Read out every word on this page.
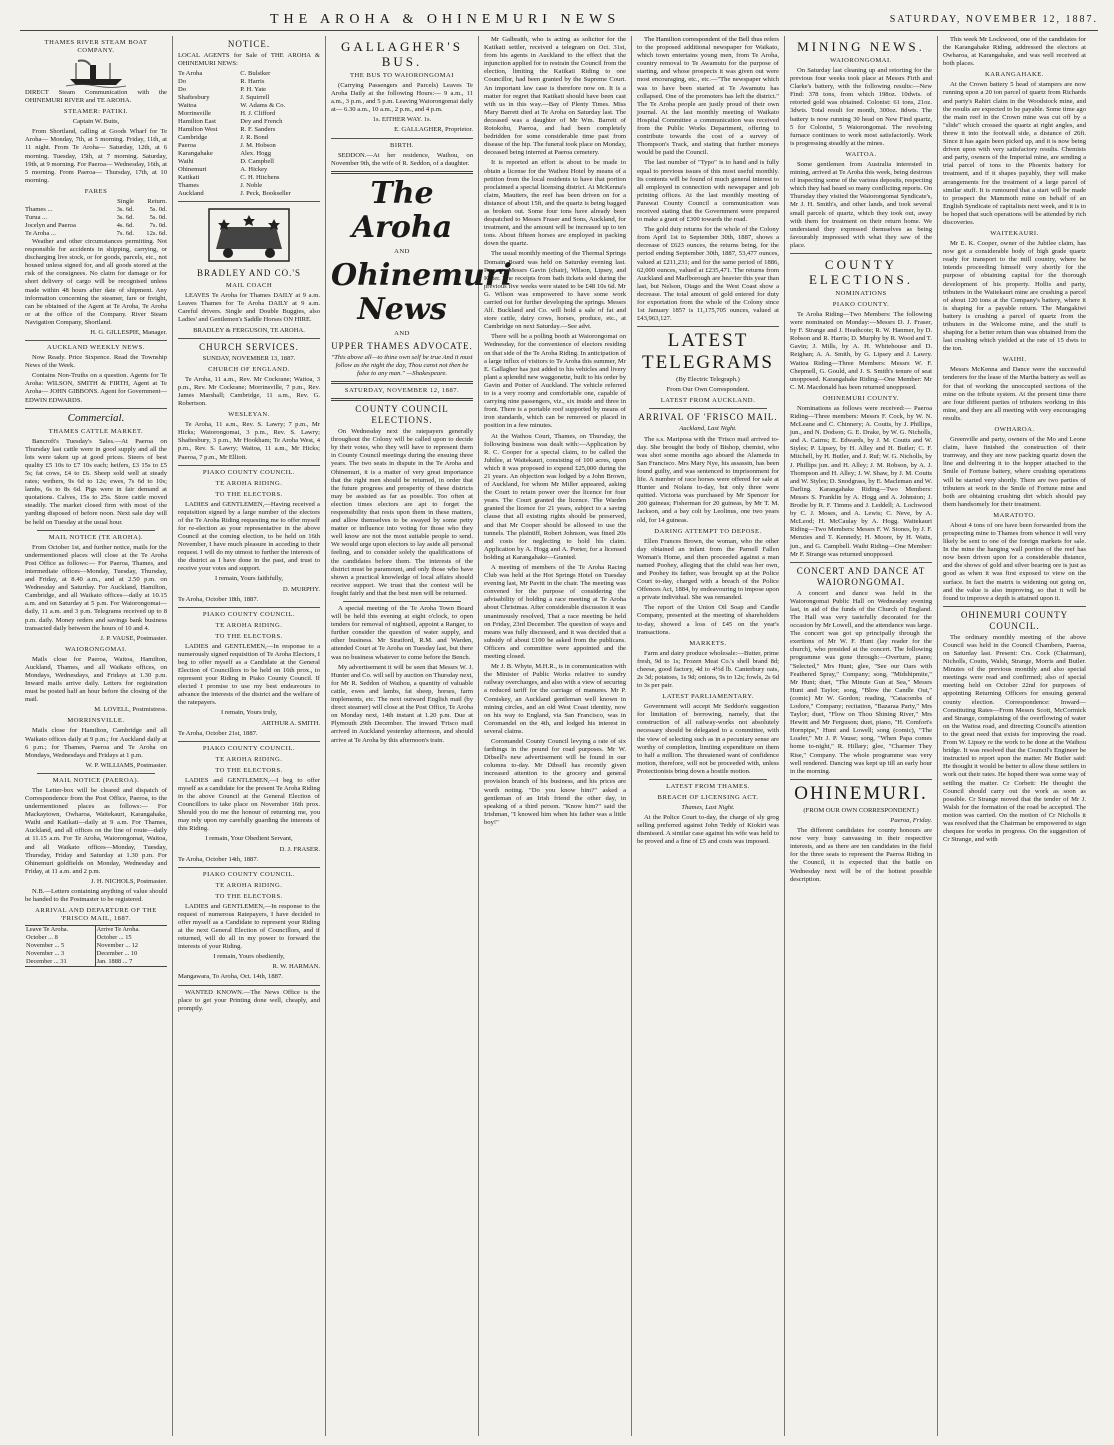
THE AROHA & OHINEMURI NEWS	SATURDAY, NOVEMBER 12, 1887.
THAMES RIVER STEAM BOAT COMPANY.

DIRECT Steam Communication with the OHINEMURI RIVER and TE AROHA.

STEAMER: PATIKI.

Captain W. Butts,

From Shortland, calling at Goods Wharf for Te Aroha— Monday, 7th, at 5 morning. Friday, 11th, at 11 night. From Te Aroha— Saturday, 12th, at 6 morning. Tuesday, 15th, at 7 morning. Saturday, 19th, at 9 morning. For Paeroa— Wednesday, 16th, at 5 morning. From Paeroa— Thursday, 17th, at 10 morning.

FARES
	Single	Return.
Thames ...	3s. 6d.	5s. 0d.
Turua ...	3s. 6d.	5s. 0d.
Jocelyn and Paeroa	4s. 6d.	7s. 0d.
Te Aroha ...	7s. 6d.	12s. 6d.

Weather and other circumstances permitting. Not responsible for accidents in shipping, carrying, or discharging live stock, or for goods, parcels, etc., not housed unless signed for, and all goods stored at the risk of the consignees. No claim for damage or for short delivery of cargo will be recognised unless made within 48 hours after date of shipment. Any information concerning the steamer, fare or freight, can be obtained of the Agent at Te Aroha, Te Aroha or at the office of the Company. River Steam Navigation Company, Shortland.

H. G. GILLESPIE, Manager.

AUCKLAND WEEKLY NEWS.

Now Ready. Price Sixpence. Read the Township News of the Week.

Contains Non-Truths on a question. Agents for Te Aroha: WILSON, SMITH & FIRTH, Agent at Te Aroha— JOHN GIBBONS. Agent for Government— EDWIN EDWARDS.

Commercial.
THAMES CATTLE MARKET.

Bancroft's Tuesday's Sales.—At Paeroa on Thursday last cattle were in good supply and all the lots were taken up at good prices. Steers of best quality £5 10s to £7 10s each; heifers, £3 15s to £5 5s; fat cows, £4 to £6. Sheep sold well at steady rates; wethers, 9s 6d to 12s; ewes, 7s 6d to 10s; lambs, 6s to 8s 6d. Pigs were in fair demand at quotations. Calves, 15s to 25s. Store cattle moved steadily. The market closed firm with most of the yarding disposed of before noon. Next sale day will be held on Tuesday at the usual hour.

MAIL NOTICE (TE AROHA).

From October 1st, and further notice, mails for the undermentioned places will close at the Te Aroha Post Office as follows:— For Paeroa, Thames, and intermediate offices—Monday, Tuesday, Thursday, and Friday, at 8.40 a.m., and at 2.50 p.m. on Wednesday and Saturday. For Auckland, Hamilton, Cambridge, and all Waikato offices—daily at 10.15 a.m. and on Saturday at 5 p.m. For Waiorongomai—daily, 11 a.m. and 3 p.m. Telegrams received up to 8 p.m. daily. Money orders and savings bank business transacted daily between the hours of 10 and 4.

J. P. VAUSE, Postmaster.

WAIORONGOMAI.

Mails close for Paeroa, Waitoa, Hamilton, Auckland, Thames, and all Waikato offices, on Mondays, Wednesdays, and Fridays at 1.30 p.m. Inward mails arrive daily. Letters for registration must be posted half an hour before the closing of the mail.

M. LOVELL, Postmistress.

MORRINSVILLE.

Mails close for Hamilton, Cambridge and all Waikato offices daily at 9 p.m.; for Auckland daily at 6 p.m.; for Thames, Paeroa and Te Aroha on Mondays, Wednesdays and Fridays at 1 p.m.

W. P. WILLIAMS, Postmaster.

MAIL NOTICE (PAEROA).

The Letter-box will be cleared and dispatch of Correspondence from the Post Office, Paeroa, to the undermentioned places as follows:— For Mackaytown, Owharoa, Waitekauri, Karangahake, Waihi and Katikati—daily at 9 a.m. For Thames, Auckland, and all offices on the line of route—daily at 11.15 a.m. For Te Aroha, Waiorongomai, Waitoa, and all Waikato offices—Monday, Tuesday, Thursday, Friday and Saturday at 1.30 p.m. For Ohinemuri goldfields on Monday, Wednesday and Friday, at 11 a.m. and 2 p.m.

J. H. NICHOLS, Postmaster.

N.B.—Letters containing anything of value should be handed to the Postmaster to be registered.

ARRIVAL AND DEPARTURE OF THE 'FRISCO MAIL, 1887.
Leave Te Aroha.	Arrive Te Aroha.
October ... 8	October ... 15
November ... 5	November ... 12
November ... 3	December ... 10
December ... 31	Jan. 1888 ... 7
NOTICE.

LOCAL AGENTS for Sale of THE AROHA & OHINEMURI NEWS:

Te Aroha	C. Bulsiker
Do	R. Harris
Do	P. H. Yate
Shaftesbury	J. Squirrell
Waitoa	W. Adams & Co.
Morrinsville	H. J. Clifford
Hamilton East	Dey and French
Hamilton West	R. F. Sanders
Cambridge	J. R. Bond
Paeroa	J. M. Hobson
Karangahake	Alex. Hogg
Waihi	D. Campbell
Ohinemuri	A. Hickey
Katikati	C. H. Hitchens
Thames	J. Noble
Auckland	J. Peck, Bookseller
BRADLEY AND CO.'S
MAIL COACH

LEAVES Te Aroha for Thames DAILY at 9 a.m. Leaves Thames for Te Aroha DAILY at 9 a.m. Careful drivers. Single and Double Buggies, also Ladies' and Gentlemen's Saddle Horses ON HIRE.

BRADLEY & FERGUSON, TE AROHA.

CHURCH SERVICES.

SUNDAY, NOVEMBER 13, 1887.

CHURCH OF ENGLAND.

Te Aroha, 11 a.m., Rev. Mr Cockrane; Waitoa, 3 p.m., Rev. Mr Cockrane; Morrinsville, 7 p.m., Rev. James Marshall; Cambridge, 11 a.m., Rev. G. Robertson.

WESLEYAN.

Te Aroha, 11 a.m., Rev. S. Lawry; 7 p.m., Mr Hicks; Waiorongomai, 3 p.m., Rev. S. Lawry; Shaftesbury, 3 p.m., Mr Hookham; Te Aroha West, 4 p.m., Rev. S. Lawry; Waitoa, 11 a.m., Mr Hicks; Paeroa, 7 p.m., Mr Elliott.

PIAKO COUNTY COUNCIL.
TE AROHA RIDING.
TO THE ELECTORS.

LADIES and GENTLEMEN,—Having received a requisition signed by a large number of the electors of the Te Aroha Riding requesting me to offer myself for re-election as your representative in the above Council at the coming election, to be held on 16th November, I have much pleasure in acceding to their request. I will do my utmost to further the interests of the district as I have done in the past, and trust to receive your votes and support.

I remain, Yours faithfully,

D. MURPHY.

Te Aroha, October 18th, 1887.

PIAKO COUNTY COUNCIL.
TE AROHA RIDING.
TO THE ELECTORS.

LADIES and GENTLEMEN,—In response to a numerously signed requisition of Te Aroha Electors, I beg to offer myself as a Candidate at the General Election of Councillors to be held on 16th prox., to represent your Riding in Piako County Council. If elected I promise to use my best endeavours to advance the interests of the district and the welfare of the ratepayers.

I remain, Yours truly,

ARTHUR A. SMITH.

Te Aroha, October 21st, 1887.

PIAKO COUNTY COUNCIL.
TE AROHA RIDING.
TO THE ELECTORS.

LADIES and GENTLEMEN,—I beg to offer myself as a candidate for the present Te Aroha Riding in the above Council at the General Election of Councillors to take place on November 16th prox. Should you do me the honour of returning me, you may rely upon my carefully guarding the interests of this Riding.

I remain, Your Obedient Servant,

D. J. FRASER.

Te Aroha, October 14th, 1887.

PIAKO COUNTY COUNCIL.
TE AROHA RIDING.
TO THE ELECTORS.

LADIES and GENTLEMEN,—In response to the request of numerous Ratepayers, I have decided to offer myself as a Candidate to represent your Riding at the next General Election of Councillors, and if returned, will do all in my power to forward the interests of your Riding.

I remain, Yours obediently,

R. W. HARMAN.

Mangawara, To Aroha, Oct. 14th, 1887.

WANTED KNOWN.—The News Office is the place to get your Printing done well, cheaply, and promptly.

GALLAGHER'S BUS.
THE BUS TO WAIORONGOMAI

(Carrying Passengers and Parcels) Leaves Te Aroha Daily at the following Hours:— 9 a.m., 11 a.m., 3 p.m., and 5 p.m. Leaving Waiorongomai daily at— 6.30 a.m., 10 a.m., 2 p.m., and 4 p.m.

1s. EITHER WAY. 1s.

E. GALLAGHER, Proprietor.

BIRTH.

SEDDON.—At her residence, Waihou, on November 9th, the wife of R. Seddon, of a daughter.

The Aroha
AND
Ohinemuri News
AND
UPPER THAMES ADVOCATE.

"This above all—to thine own self be true And it must follow as the night the day, Thou canst not then be false to any man." —Shakespeare.

SATURDAY, NOVEMBER 12, 1887.
COUNTY COUNCIL ELECTIONS.

On Wednesday next the ratepayers generally throughout the Colony will be called upon to decide by their votes, who they will have to represent them in County Council meetings during the ensuing three years. The two seats in dispute in the Te Aroha and Ohinemuri, it is a matter of very great importance that the right men should be returned, in order that the future progress and prosperity of these districts may be assisted as far as possible. Too often at election times electors are apt to forget the responsibility that rests upon them in these matters, and allow themselves to be swayed by some petty matter or influence into voting for those who they well know are not the most suitable people to send. We would urge upon electors to lay aside all personal feeling, and to consider solely the qualifications of the candidates before them. The interests of the district must be paramount, and only those who have shown a practical knowledge of local affairs should receive support. We trust that the contest will be fought fairly and that the best men will be returned.

A special meeting of the Te Aroha Town Board will be held this evening at eight o'clock, to open tenders for removal of nightsoil, appoint a Ranger, to further consider the question of water supply, and other business. Mr Stratford, R.M. and Warden, attended Court at Te Aroha on Tuesday last, but there was no business whatever to come before the Bench.

My advertisement it will be seen that Messrs W. J. Hunter and Co. will sell by auction on Thursday next, for Mr R. Seddon of Waihou, a quantity of valuable cattle, ewes and lambs, fat sheep, horses, farm implements, etc. The next outward English mail (by direct steamer) will close at the Post Office, Te Aroha on Monday next, 14th instant at 1.20 p.m. Due at Plymouth 29th December. The inward 'Frisco mail arrived in Auckland yesterday afternoon, and should arrive at Te Aroha by this afternoon's train.

Mr Galbraith, who is acting as solicitor for the Katikati settler, received a telegram on Oct. 31st, from his agents in Auckland to the effect that the injunction applied for to restrain the Council from the election, limiting the Katikati Riding to one Councillor, had been granted by the Supreme Court. An important law case is therefore now on. It is a matter for regret that Katikati should have been cast with us in this way.—Bay of Plenty Times. Miss Mary Barrett died at Te Aroha on Saturday last. The deceased was a daughter of Mr Wm. Barrett of Rotokohu, Paeroa, and had been completely bedridden for some considerable time past from disease of the hip. The funeral took place on Monday, deceased being interred at Paeroa cemetery.

It is reported an effort is about to be made to obtain a license for the Waihou Hotel by means of a petition from the local residents to have that portion proclaimed a special licensing district. At McKenna's claim, Mauiters, the reef has been driven on for a distance of about 15ft, and the quartz is being bagged as broken out. Some four tons have already been despatched to Messrs Fraser and Sons, Auckland, for treatment, and the amount will be increased up to ten tons. About fifteen horses are employed in packing down the quartz.

The usual monthly meeting of the Thermal Springs Domain Board was held on Saturday evening last. Present: Messrs Gavin (chair), Wilson, Lipsey, and Kilter. The receipts from bath tickets sold during the previous five weeks were stated to be £48 10s 6d. Mr G. Wilson was empowered to have some work carried out for further developing the springs. Messrs Alf. Buckland and Co. will hold a sale of fat and store cattle, dairy cows, horses, produce, etc., at Cambridge on next Saturday.—See advt.

There will be a polling booth at Waiorongomai on Wednesday, for the convenience of electors residing on that side of the Te Aroha Riding. In anticipation of a large influx of visitors to Te Aroha this summer, Mr E. Gallagher has just added to his vehicles and livery plant a splendid new waggonette, built to his order by Gavin and Potter of Auckland. The vehicle referred to is a very roomy and comfortable one, capable of carrying nine passengers, viz., six inside and three in front. There is a portable roof supported by means of iron standards, which can be removed or placed in position in a few minutes.

At the Waihou Court, Thames, on Thursday, the following business was dealt with:—Application by R. C. Cooper for a special claim, to be called the Jubilee, at Waitekauri, consisting of 100 acres, upon which it was proposed to expend £25,000 during the 21 years. An objection was lodged by a John Brown, of Auckland, for whom Mr Miller appeared, asking the Court to retain power over the licence for four years. The Court granted the licence. The Warden granted the licence for 21 years, subject to a saving clause that all existing rights should be preserved, and that Mr Cooper should be allowed to use the tunnels. The plaintiff, Robert Johnson, was fined 20s and costs for neglecting to hold his claim. Application by A. Hogg and A. Porter, for a licensed holding at Karangahake—Granted.

A meeting of members of the Te Aroha Racing Club was held at the Hot Springs Hotel on Tuesday evening last, Mr Pavitt in the chair. The meeting was convened for the purpose of considering the advisability of holding a race meeting at Te Aroha about Christmas. After considerable discussion it was unanimously resolved, That a race meeting be held on Friday, 23rd December. The question of ways and means was fully discussed, and it was decided that a subsidy of about £100 be asked from the publicans. Officers and committee were appointed and the meeting closed.

Mr J. B. Whyte, M.H.R., is in communication with the Minister of Public Works relative to sundry railway overcharges, and also with a view of securing a reduced tariff for the carriage of manures. Mr P. Comiskey, an Auckland gentleman well known in mining circles, and an old West Coast identity, now on his way to England, via San Francisco, was in Coromandel on the 4th, and lodged his interest in several claims.

Coromandel County Council levying a rate of six farthings in the pound for road purposes. Mr W. Dibsell's new advertisement will be found in our columns to-day. Mr Dibsell has recently given increased attention to the grocery and general provision branch of his business, and his prices are worth noting. "Do you know him?" asked a gentleman of an Irish friend the other day, in speaking of a third person. "Know him?" said the Irishman, "I knowed him when his father was a little boy!"

The Hamilton correspondent of the Bell thus refers to the proposed additional newspaper for Waikato, which town entertains young men, from Te Aroha, country removal to Te Awamutu for the purpose of starting, and whose prospects it was given out were most encouraging, etc., etc.—"The newspaper which was to have been started at Te Awamutu has collapsed. One of the promoters has left the district." The Te Aroha people are justly proud of their own journal. At the last monthly meeting of Waikato Hospital Committee a communication was received from the Public Works Department, offering to contribute towards the cost of a survey of Thompson's Track, and stating that further moneys would be paid the Council.

The last number of "Typo" is to hand and is fully equal to previous issues of this most useful monthly. Its contents will be found of much general interest to all employed in connection with newspaper and job printing offices. At the last monthly meeting of Parawai County Council a communication was received stating that the Government were prepared to make a grant of £300 towards the road.

The gold duty returns for the whole of the Colony from April 1st to September 30th, 1887, shows a decrease of £623 ounces, the returns being, for the period ending September 30th, 1887, 53,477 ounces, valued at £211,231; and for the same period of 1886, 62,000 ounces, valued at £235,471. The returns from Auckland and Marlborough are heavier this year than last, but Nelson, Otago and the West Coast show a decrease. The total amount of gold entered for duty for exportation from the whole of the Colony since 1st January 1857 is 11,175,705 ounces, valued at £43,963,127.

LATEST TELEGRAMS

(By Electric Telegraph.)

From Our Own Correspondent.

LATEST FROM AUCKLAND.
ARRIVAL OF 'FRISCO MAIL.

Auckland, Last Night.

The s.s. Mariposa with the 'Frisco mail arrived to-day. She brought the body of Bishop, chemist, who was shot some months ago aboard the Alameda in San Francisco. Mrs Mary Nye, his assassin, has been found guilty, and was sentenced to imprisonment for life. A number of race horses were offered for sale at Hunter and Nolans to-day, but only three were quitted. Victoria was purchased by Mr Spencer for 200 guineas; Fisherman for 20 guineas, by Mr T. M. Jackson, and a bay colt by Leolinus, one two years old, for 14 guineas.

DARING ATTEMPT TO DEPOSE.

Ellen Frances Brown, the woman, who the other day obtained an infant from the Parnell Fallen Woman's Home, and then proceeded against a man named Poohey, alleging that the child was her own, and Poohey its father, was brought up at the Police Court to-day, charged with a breach of the Police Offences Act, 1884, by endeavouring to impose upon a private individual. She was remanded.

The report of the Union Oil Soap and Candle Company, presented at the meeting of shareholders to-day, showed a loss of £45 on the year's transactions.

MARKETS.

Farm and dairy produce wholesale:—Butter, prime fresh, 9d to 1s; Frozen Meat Co.'s shell brand 8d; cheese, good factory, 4d to 4½d lb. Canterbury oats, 2s 3d; potatoes, 1s 9d; onions, 9s to 12s; fowls, 2s 6d to 3s per pair.

LATEST PARLIAMENTARY.

Government will accept Mr Seddon's suggestion for limitation of borrowing, namely, that the construction of all railway-works not absolutely necessary should be delegated to a committee, with the view of selecting such as in a pecuniary sense are worthy of completion, limiting expenditure on them to half a million. The threatened want of confidence motion, therefore, will not be proceeded with, unless Protectionists bring down a hostile motion.

LATEST FROM THAMES.
BREACH OF LICENSING ACT.

Thames, Last Night.

At the Police Court to-day, the charge of sly grog selling preferred against John Teddy of Kiokiri was dismissed. A similar case against his wife was held to be proved and a fine of £5 and costs was imposed.

MINING NEWS.
WAIORONGOMAI.

On Saturday last cleaning up and retorting for the previous four weeks took place at Messrs Firth and Clarke's battery, with the following results:—New Find: 378 tons, from which 198oz. 10dwts. of retorted gold was obtained. Colonist: 61 tons, 21oz. 3dwts. Total result for month, 300oz. 8dwts. The battery is now running 30 head on New Find quartz, 5 for Colonist, 5 Waiorongomai. The revolving furnace continues to work most satisfactorily. Work is progressing steadily at the mines.

WAITOA.

Some gentlemen from Australia interested in mining, arrived at Te Aroha this week, being desirous of inspecting some of the various deposits, respecting which they had heard so many conflicting reports. On Thursday they visited the Waiorongomai Syndicate's, Mr J. H. Smith's, and other lands, and took several small parcels of quartz, which they took out, away with them for treatment on their return home. We understand they expressed themselves as being favourably impressed with what they saw of the place.

COUNTY ELECTIONS.
NOMINATIONS
PIAKO COUNTY.

Te Aroha Riding—Two Members: The following were nominated on Monday:—Messrs D. J. Fraser, by F. Strange and J. Heathcote; R. W. Hanmer, by D. Robson and R. Harris; D. Murphy by R. Wood and T. Gavin; J. Mills, by A. H. Whitehouse and D. Reighan; A. A. Smith, by G. Lipsey and J. Lawry. Waitoa Riding—Three Members: Messrs W. F. Chepmell, G. Gould, and J. S. Smith's tenure of seat unopposed. Karangahake Riding—One Member: Mr C. M. Macdonald has been returned unopposed.

OHINEMURI COUNTY.

Nominations as follows were received:— Paeroa Riding—Three members: Messrs F. Cock, by W. N. McLeane and C. Chinnery; A. Coutts, by J. Phillips, jun., and N. Dodson; G. E. Drake, by W. G. Nicholls, and A. Cairns; E. Edwards, by J. M. Coutts and W. Styles; P. Lipsey, by H. Alley and H. Butler; C. F. Mitchell, by H. Butler, and J. Ruf; W. G. Nicholls, by J. Phillips jun. and H. Alley; J. M. Robson, by A. J. Thompson and H. Alley; J. W. Shaw, by J. M. Coutts and W. Styles; D. Snodgrass, by E. Macleman and W. Darling. Karangahake Riding—Two Members: Messrs S. Franklin by A. Hogg and A. Johnston; J. Brodie by R. F. Timms and J. Leddell; A. Lochwood by C. J. Moses, and A. Lewis; C. Neve, by A. McLeod; H. McCaulay by A. Hogg. Waitekauri Riding—Two Members: Messrs F. W. Stones, by J. F. Menzies and T. Kennedy; H. Moore, by H. Watts, jun., and G. Campbell. Waihi Riding—One Member: Mr F. Strange was returned unopposed.

CONCERT AND DANCE AT WAIORONGOMAI.

A concert and dance was held in the Waiorongomai Public Hall on Wednesday evening last, in aid of the funds of the Church of England. The Hall was very tastefully decorated for the occasion by Mr Lowell, and the attendance was large. The concert was got up principally through the exertions of Mr W. F. Hunt (lay reader for the church), who presided at the concert. The following programme was gone through:—Overture, piano; "Selected," Mrs Hunt; glee, "See our Oars with Feathered Spray," Company; song, "Midshipmite," Mr Hunt; duet, "The Minute Gun at Sea," Messrs Hunt and Taylor; song, "Blow the Candle Out," (comic) Mr W. Gordon; reading, "Catacombs of Lodore," Company; recitation, "Bazaraa Party," Mrs Taylor; duet, "Flow on Thou Shining River," Mrs Hewitt and Mr Ferguson; duet, piano, "H. Comfort's Hornpipe," Hunt and Lowell; song (comic), "The Loafer," Mr J. P. Vause; song, "When Papa comes home to-night," R. Hillary; glee, "Charmer They Rise," Company. The whole programme was very well rendered. Dancing was kept up till an early hour in the morning.

OHINEMURI.

(FROM OUR OWN CORRESPONDENT.)

Paeroa, Friday.

The different candidates for county honours are now very busy canvassing in their respective interests, and as there are ten candidates in the field for the three seats to represent the Paeroa Riding in the Council, it is expected that the battle on Wednesday next will be of the hottest possible description.

This week Mr Lockwood, one of the candidates for the Karangahake Riding, addressed the electors at Owharoa, at Karangahake, and was well received at both places.

KARANGAHAKE.

At the Crown battery 5 head of stampers are now running upon a 20 ton parcel of quartz from Richards and party's Rahiri claim in the Woodstock mine, and the results are expected to be payable. Some time ago the main reef in the Crown mine was cut off by a "slide" which crossed the quartz at right angles, and threw it into the footwall side, a distance of 26ft. Since it has again been picked up, and it is now being driven upon with very satisfactory results. Chemists and party, owners of the Imperial mine, are sending a trial parcel of tons to the Phoenix battery for treatment, and if it shapes payably, they will make arrangements for the treatment of a large parcel of similar stuff. It is rumoured that a start will be made to prospect the Mammoth mine on behalf of an English Syndicate of capitalists next week, and it is to be hoped that such operations will be attended by rich discoveries.

WAITEKAURI.

Mr E. K. Cooper, owner of the Jubilee claim, has now got a considerable body of high grade quartz ready for transport to the mill country, where he intends proceeding himself very shortly for the purpose of obtaining capital for the thorough development of his property. Hollis and party, tributers in the Waitekauri mine are crushing a parcel of about 120 tons at the Company's battery, where it is shaping for a payable return. The Mangakiwi battery is crushing a parcel of quartz from the tributers in the Welcome mine, and the stuff is shaping for a better return than was obtained from the last crushing which yielded at the rate of 15 dwts to the ton.

WAIHI.

Messrs McKenna and Dance were the successful tenderers for the lease of the Martha battery as well as for that of working the unoccupied sections of the mine on the tribute system. At the present time there are four different parties of tributers working in this mine, and they are all meeting with very encouraging results.

OWHAROA.

Greenville and party, owners of the Mo and Leone claim, have finished the construction of their tramway, and they are now packing quartz down the line and delivering it to the hopper attached to the Smile of Fortune battery, where crushing operations will be started very shortly. There are two parties of tributers at work in the Smile of Fortune mine and both are obtaining crushing dirt which should pay them handsomely for their treatment.

MARATOTO.

About 4 tons of ore have been forwarded from the prospecting mine to Thames from whence it will very likely be sent to one of the foreign markets for sale. In the mine the hanging wall portion of the reef has now been driven upon for a considerable distance, and the shows of gold and silver bearing ore is just as good as when it was first exposed to view on the surface. In fact the matrix is widening out going on, and the value is also improving, so that it will be found to improve a depth is attained upon it.

OHINEMURI COUNTY COUNCIL.

The ordinary monthly meeting of the above Council was held in the Council Chambers, Paeroa, on Saturday last. Present: Crs. Cock (Chairman), Nicholls, Coutts, Walsh, Strange, Morris and Butler. Minutes of the previous monthly and also special meetings were read and confirmed; also of special meeting held on October 22nd for purposes of appointing Returning Officers for ensuing general county election. Correspondence: Inward—Constituting Rates—From Messrs Scott, McCormick and Strange, complaining of the overflowing of water on the Waitoa road, and directing Council's attention to the great need that exists for improving the road. From W. Lipsey re the work to be done at the Waihou bridge. It was resolved that the Council's Engineer be instructed to report upon the matter. Mr Butler said: He thought it would be better to allow these settlers to work out their rates. He hoped there was some way of settling the matter. Cr Corbett: He thought the Council should carry out the work as soon as possible. Cr Strange moved that the tender of Mr J. Walsh for the formation of the road be accepted. The motion was carried. On the motion of Cr Nicholls it was resolved that the Chairman be empowered to sign cheques for works in progress. On the suggestion of Cr Strange, and with
